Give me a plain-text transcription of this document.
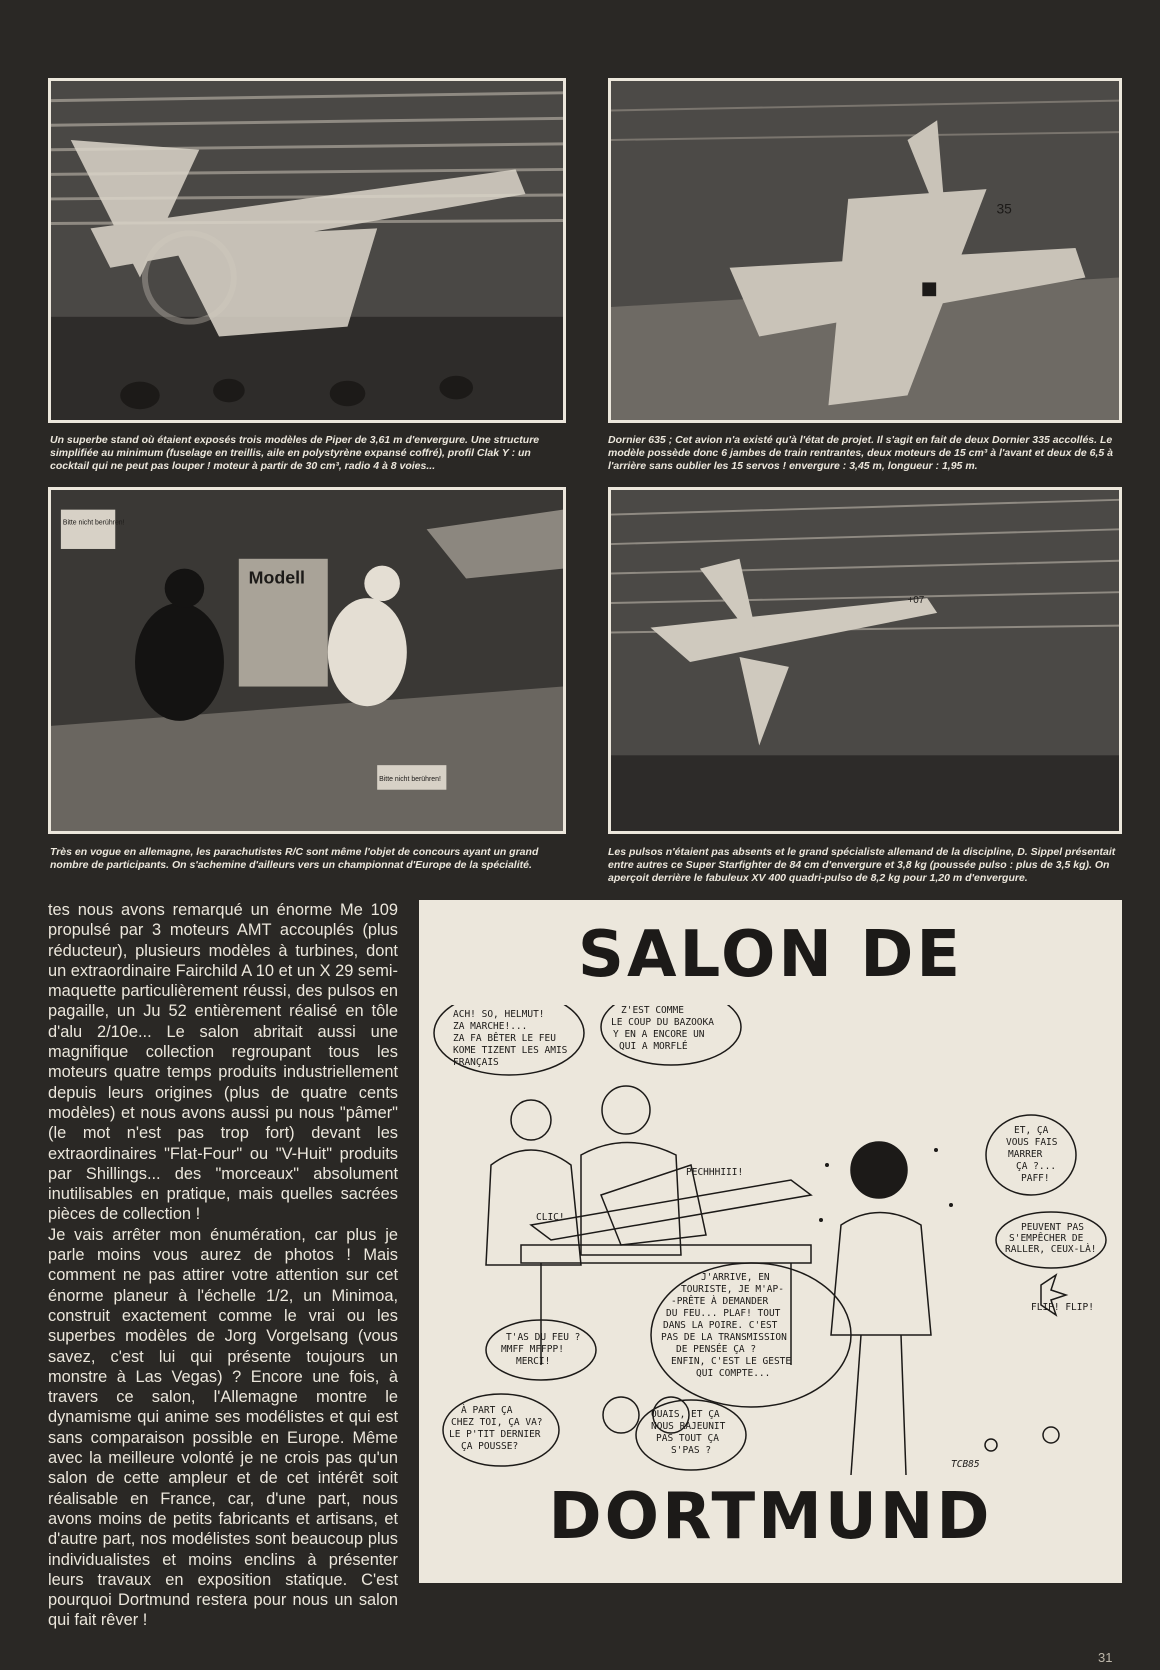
35
Modell
Bitte nicht berühren!
Bitte nicht berühren!
+07

Un superbe stand où étaient exposés trois modèles de Piper de 3,61 m d'envergure. Une structure simplifiée au minimum (fuselage en treillis, aile en polystyrène expansé coffré), profil Clak Y : un cocktail qui ne peut pas louper ! moteur à partir de 30 cm³, radio 4 à 8 voies...

Dornier 635 ; Cet avion n'a existé qu'à l'état de projet. Il s'agit en fait de deux Dornier 335 accollés. Le modèle possède donc 6 jambes de train rentrantes, deux moteurs de 15 cm³ à l'avant et deux de 6,5 à l'arrière sans oublier les 15 servos ! envergure : 3,45 m, longueur : 1,95 m.

Très en vogue en allemagne, les parachutistes R/C sont même l'objet de concours ayant un grand nombre de participants. On s'achemine d'ailleurs vers un championnat d'Europe de la spécialité.

Les pulsos n'étaient pas absents et le grand spécialiste allemand de la discipline, D. Sippel présentait entre autres ce Super Starfighter de 84 cm d'envergure et 3,8 kg (poussée pulso : plus de 3,5 kg). On aperçoit derrière le fabuleux XV 400 quadri-pulso de 8,2 kg pour 1,20 m d'envergure.

tes nous avons remarqué un énorme Me 109 propulsé par 3 moteurs AMT accouplés (plus réducteur), plusieurs modèles à turbines, dont un extraordinaire Fairchild A 10 et un X 29 semi-maquette particulièrement réussi, des pulsos en pagaille, un Ju 52 entièrement réalisé en tôle d'alu 2/10e... Le salon abritait aussi une magnifique collection regroupant tous les moteurs quatre temps produits industriellement depuis leurs origines (plus de quatre cents modèles) et nous avons aussi pu nous "pâmer" (le mot n'est pas trop fort) devant les extraordinaires "Flat-Four" ou "V-Huit" produits par Shillings... des "morceaux" absolument inutilisables en pratique, mais quelles sacrées pièces de collection !

Je vais arrêter mon énumération, car plus je parle moins vous aurez de photos ! Mais comment ne pas attirer votre attention sur cet énorme planeur à l'échelle 1/2, un Minimoa, construit exactement comme le vrai ou les superbes modèles de Jorg Vorgelsang (vous savez, c'est lui qui présente toujours un monstre à Las Vegas) ? Encore une fois, à travers ce salon, l'Allemagne montre le dynamisme qui anime ses modélistes et qui est sans comparaison possible en Europe. Même avec la meilleure volonté je ne crois pas qu'un salon de cette ampleur et de cet intérêt soit réalisable en France, car, d'une part, nous avons moins de petits fabricants et artisans, et d'autre part, nos modélistes sont beaucoup plus individualistes et moins enclins à présenter leurs travaux en exposition statique. C'est pourquoi Dortmund restera pour nous un salon qui fait rêver !

SALON DE
ACH! SO, HELMUT!
ZA MARCHE!...
ZA FA BÊTER LE FEU
KOME TIZENT LES AMIS
FRANÇAIS
Z'EST COMME
LE COUP DU BAZOOKA
Y EN A ENCORE UN
QUI A MORFLÉ
PECHHHIII!
CLIC!
ET, ÇA
VOUS FAIS
MARRER
ÇA ?...
PAFF!
PEUVENT PAS
S'EMPÊCHER DE
RALLER, CEUX-LÀ!
FLIP! FLIP!
J'ARRIVE, EN
TOURISTE, JE M'AP-
-PRÊTE À DEMANDER
DU FEU... PLAF! TOUT
DANS LA POIRE. C'EST
PAS DE LA TRANSMISSION
DE PENSÉE ÇA ?
ENFIN, C'EST LE GESTE
QUI COMPTE...
T'AS DU FEU ?
MMFF MFFPP!
MERCI!
À PART ÇA
CHEZ TOI, ÇA VA?
LE P'TIT DERNIER
ÇA POUSSE?
OUAIS, ET ÇA
NOUS RAJEUNIT
PAS TOUT ÇA
S'PAS ?
TCB85
DORTMUND
31
